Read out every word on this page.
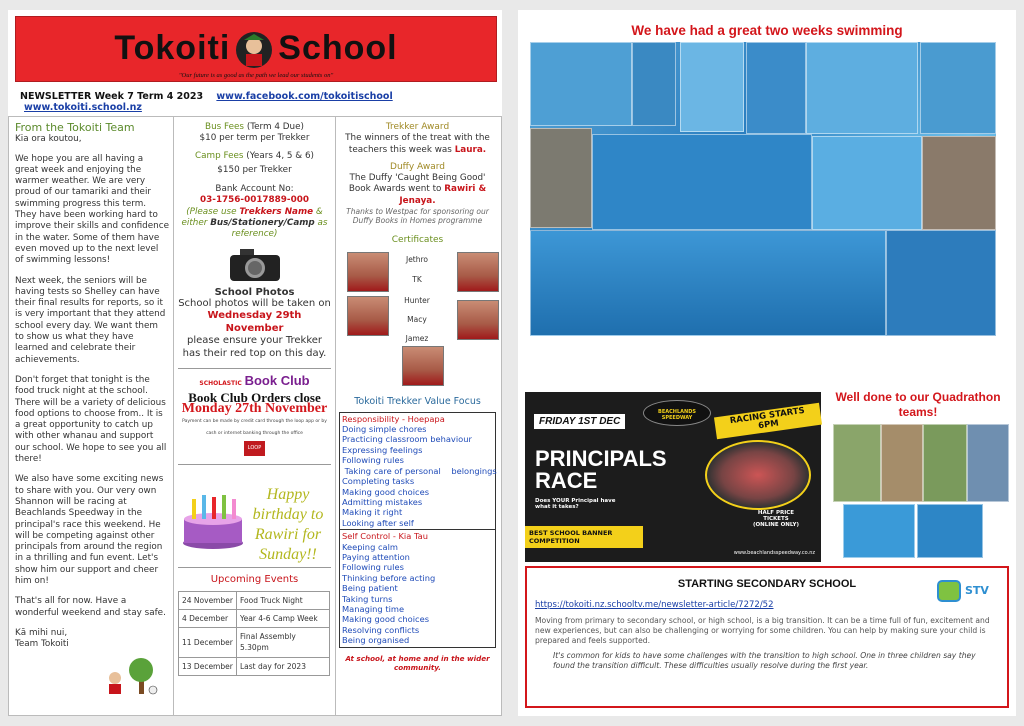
Tokoiti School
"Our future is as good as the path we lead our students on"
NEWSLETTER Week 7 Term 4 2023 www.facebook.com/tokoitischool www.tokoiti.school.nz
From the Tokoiti Team

Kia ora koutou,

We hope you are all having a great week and enjoying the warmer weather. We are very proud of our tamariki and their swimming progress this term. They have been working hard to improve their skills and confidence in the water. Some of them have even moved up to the next level of swimming lessons!

Next week, the seniors will be having tests so Shelley can have their final results for reports, so it is very important that they attend school every day. We want them to show us what they have learned and celebrate their achievements.

Don't forget that tonight is the food truck night at the school. There will be a variety of delicious food options to choose from.. It is a great opportunity to catch up with other whanau and support our school. We hope to see you all there!

We also have some exciting news to share with you. Our very own Shannon will be racing at Beachlands Speedway in the principal's race this weekend. He will be competing against other principals from around the region in a thrilling and fun event. Let's show him our support and cheer him on!

That's all for now. Have a wonderful weekend and stay safe.

Kā mihi nui,
Team Tokoiti
Bus Fees (Term 4 Due)
$10 per term per Trekker
Camp Fees (Years 4, 5 & 6)
$150 per Trekker
Bank Account No:
03-1756-0017889-000
(Please use Trekkers Name & either Bus/Stationery/Camp as reference)
School Photos
School photos will be taken on
Wednesday 29th November
please ensure your Trekker has their red top on this day.
SCHOLASTIC Book Club
Book Club Orders close
Monday 27th November
Payment can be made by credit card through the loop app or by cash or internet banking through the office
LOOP
Happy birthday to Rawiri for Sunday!!
Upcoming Events
24 November	Food Truck Night
4 December	Year 4-6 Camp Week
11 December	Final Assembly 5.30pm
13 December	Last day for 2023
Trekker Award
The winners of the treat with the teachers this week was Laura.
Duffy Award
The Duffy 'Caught Being Good' Book Awards went to Rawiri & Jenaya.
Thanks to Westpac for sponsoring our Duffy Books in Homes programme
Certificates
Jethro
TK
Hunter
Macy
Jamez
Tokoiti Trekker Value Focus
Responsibility - Hoepapa
Doing simple chores
Practicing classroom behaviour
Expressing feelings
Following rules
Taking care of personal    belongings
Completing tasks
Making good choices
Admitting mistakes
Making it right
Looking after self
Self Control - Kia Tau
Keeping calm
Paying attention
Following rules
Thinking before acting
Being patient
Taking turns
Managing time
Making good choices
Resolving conflicts
Being organised
At school, at home and in the wider community.
We have had a great two weeks swimming
FRIDAY 1ST DEC
BEACHLANDS SPEEDWAY	RACING STARTS 6PM
PRINCIPALS
RACE
Does YOUR Principal have what it takes?
BEST SCHOOL BANNER COMPETITION
HALF PRICE TICKETS (ONLINE ONLY)
www.beachlandsspeedway.co.nz
Well done to our Quadrathon teams!
STARTING SECONDARY SCHOOL	STV
https://tokoiti.nz.schooltv.me/newsletter-article/7272/52
Moving from primary to secondary school, or high school, is a big transition. It can be a time full of fun, excitement and new experiences, but can also be challenging or worrying for some children. You can help by making sure your child is prepared and feels supported.
It's common for kids to have some challenges with the transition to high school. One in three children say they found the transition difficult. These difficulties usually resolve during the first year.
